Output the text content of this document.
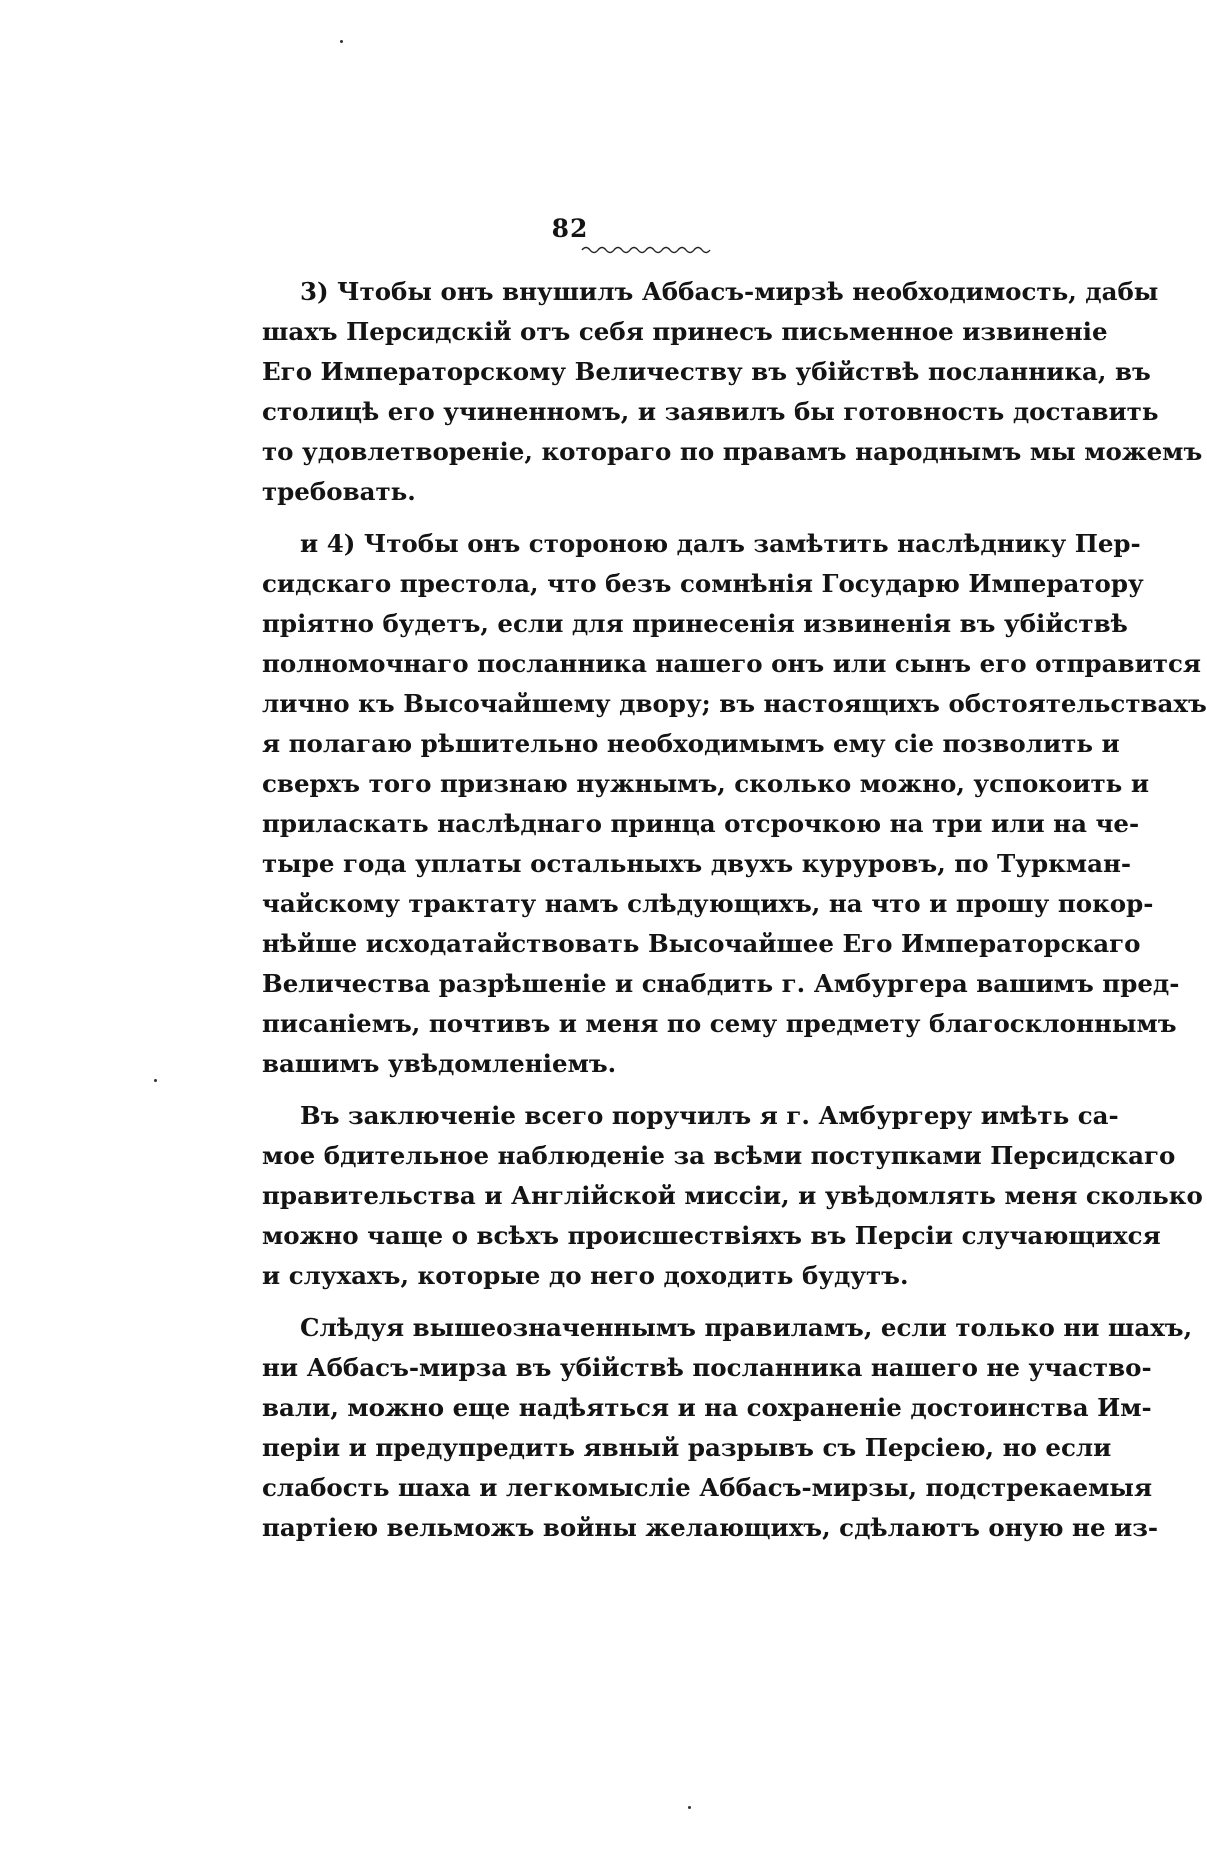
82
3) Чтобы онъ внушилъ Аббасъ-мирзѣ необходимость, дабы
шахъ Персидскій отъ себя принесъ письменное извиненіе
Его Императорскому Величеству въ убійствѣ посланника, въ
столицѣ его учиненномъ, и заявилъ бы готовность доставить
то удовлетвореніе, котораго по правамъ народнымъ мы можемъ
требовать.
и 4) Чтобы онъ стороною далъ замѣтить наслѣднику Пер-
сидскаго престола, что безъ сомнѣнія Государю Императору
пріятно будетъ, если для принесенія извиненія въ убійствѣ
полномочнаго посланника нашего онъ или сынъ его отправится
лично къ Высочайшему двору; въ настоящихъ обстоятельствахъ
я полагаю рѣшительно необходимымъ ему сіе позволить и
сверхъ того признаю нужнымъ, сколько можно, успокоить и
приласкать наслѣднаго принца отсрочкою на три или на че-
тыре года уплаты остальныхъ двухъ куруровъ, по Туркман-
чайскому трактату намъ слѣдующихъ, на что и прошу покор-
нѣйше исходатайствовать Высочайшее Его Императорскаго
Величества разрѣшеніе и снабдить г. Амбургера вашимъ пред-
писаніемъ, почтивъ и меня по сему предмету благосклоннымъ
вашимъ увѣдомленіемъ.
Въ заключеніе всего поручилъ я г. Амбургеру имѣть са-
мое бдительное наблюденіе за всѣми поступками Персидскаго
правительства и Англійской миссіи, и увѣдомлять меня сколько
можно чаще о всѣхъ происшествіяхъ въ Персіи случающихся
и слухахъ, которые до него доходить будутъ.
Слѣдуя вышеозначеннымъ правиламъ, если только ни шахъ,
ни Аббасъ-мирза въ убійствѣ посланника нашего не участво-
вали, можно еще надѣяться и на сохраненіе достоинства Им-
періи и предупредить явный разрывъ съ Персіею, но если
слабость шаха и легкомысліе Аббасъ-мирзы, подстрекаемыя
партіею вельможъ войны желающихъ, сдѣлаютъ оную не из-
